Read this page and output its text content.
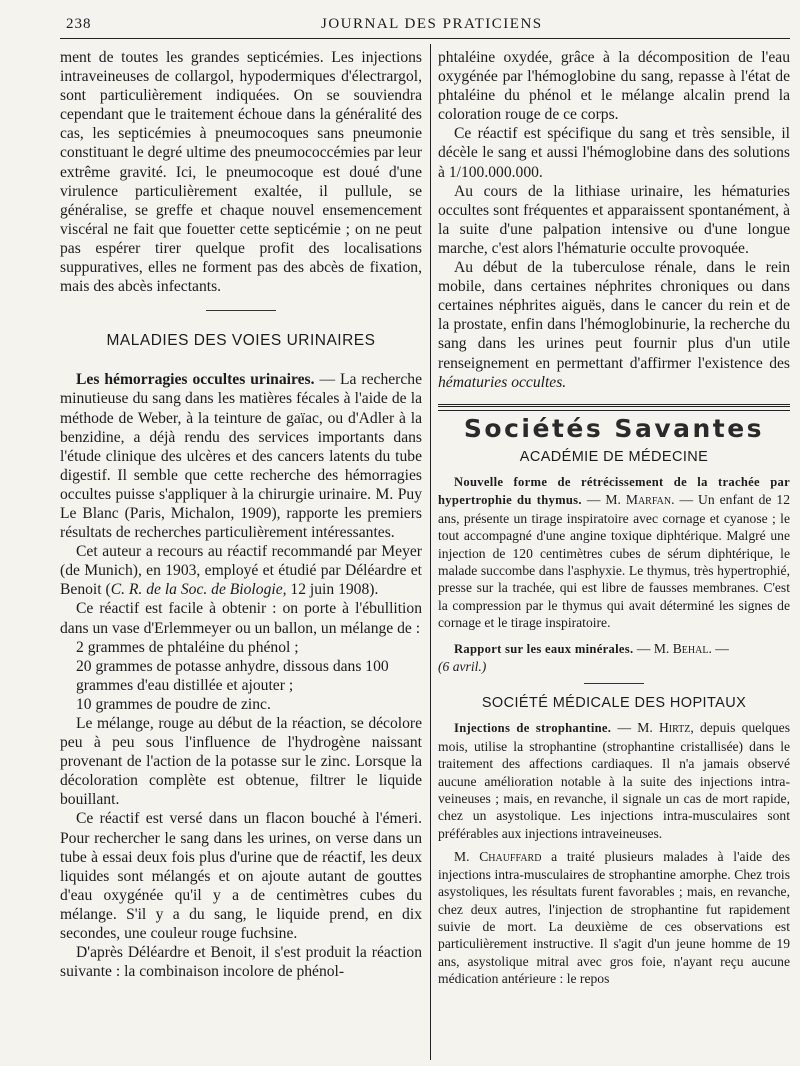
238	JOURNAL DES PRATICIENS

ment de toutes les grandes septicémies. Les injections intraveineuses de collargol, hypodermiques d'électrargol, sont particulièrement indiquées. On se souviendra cependant que le traitement échoue dans la généralité des cas, les septicémies à pneumocoques sans pneumonie constituant le degré ultime des pneumococcémies par leur extrême gravité. Ici, le pneumocoque est doué d'une virulence particulièrement exaltée, il pullule, se généralise, se greffe et chaque nouvel ensemencement viscéral ne fait que fouetter cette septicémie ; on ne peut pas espérer tirer quelque profit des localisations suppuratives, elles ne forment pas des abcès de fixation, mais des abcès infectants.

MALADIES DES VOIES URINAIRES

Les hémorragies occultes urinaires. — La recherche minutieuse du sang dans les matières fécales à l'aide de la méthode de Weber, à la teinture de gaïac, ou d'Adler à la benzidine, a déjà rendu des services importants dans l'étude clinique des ulcères et des cancers latents du tube digestif. Il semble que cette recherche des hémorragies occultes puisse s'appliquer à la chirurgie urinaire. M. Puy Le Blanc (Paris, Michalon, 1909), rapporte les premiers résultats de recherches particulièrement intéressantes.

Cet auteur a recours au réactif recommandé par Meyer (de Munich), en 1903, employé et étudié par Déléardre et Benoit (C. R. de la Soc. de Biologie, 12 juin 1908).

Ce réactif est facile à obtenir : on porte à l'ébullition dans un vase d'Erlemmeyer ou un ballon, un mélange de :

2 grammes de phtaléine du phénol ;
20 grammes de potasse anhydre, dissous dans 100 grammes d'eau distillée et ajouter ;
10 grammes de poudre de zinc.

Le mélange, rouge au début de la réaction, se décolore peu à peu sous l'influence de l'hydrogène naissant provenant de l'action de la potasse sur le zinc. Lorsque la décoloration complète est obtenue, filtrer le liquide bouillant.

Ce réactif est versé dans un flacon bouché à l'émeri. Pour rechercher le sang dans les urines, on verse dans un tube à essai deux fois plus d'urine que de réactif, les deux liquides sont mélangés et on ajoute autant de gouttes d'eau oxygénée qu'il y a de centimètres cubes du mélange. S'il y a du sang, le liquide prend, en dix secondes, une couleur rouge fuchsine.

D'après Déléardre et Benoit, il s'est produit la réaction suivante : la combinaison incolore de phénol-

phtaléine oxydée, grâce à la décomposition de l'eau oxygénée par l'hémoglobine du sang, repasse à l'état de phtaléine du phénol et le mélange alcalin prend la coloration rouge de ce corps.

Ce réactif est spécifique du sang et très sensible, il décèle le sang et aussi l'hémoglobine dans des solutions à 1/100.000.000.

Au cours de la lithiase urinaire, les hématuries occultes sont fréquentes et apparaissent spontanément, à la suite d'une palpation intensive ou d'une longue marche, c'est alors l'hématurie occulte provoquée.

Au début de la tuberculose rénale, dans le rein mobile, dans certaines néphrites chroniques ou dans certaines néphrites aiguës, dans le cancer du rein et de la prostate, enfin dans l'hémoglobinurie, la recherche du sang dans les urines peut fournir plus d'un utile renseignement en permettant d'affirmer l'existence des hématuries occultes.

Sociétés Savantes
ACADÉMIE DE MÉDECINE

Nouvelle forme de rétrécissement de la trachée par hypertrophie du thymus. — M. Marfan. — Un enfant de 12 ans, présente un tirage inspiratoire avec cornage et cyanose ; le tout accompagné d'une angine toxique diphtérique. Malgré une injection de 120 centimètres cubes de sérum diphtérique, le malade succombe dans l'asphyxie. Le thymus, très hypertrophié, presse sur la trachée, qui est libre de fausses membranes. C'est la compression par le thymus qui avait déterminé les signes de cornage et le tirage inspiratoire.

Rapport sur les eaux minérales. — M. Behal. —

(6 avril.)

SOCIÉTÉ MÉDICALE DES HOPITAUX

Injections de strophantine. — M. Hirtz, depuis quelques mois, utilise la strophantine (strophantine cristallisée) dans le traitement des affections cardiaques. Il n'a jamais observé aucune amélioration notable à la suite des injections intra-veineuses ; mais, en revanche, il signale un cas de mort rapide, chez un asystolique. Les injections intra-musculaires sont préférables aux injections intraveineuses.

M. Chauffard a traité plusieurs malades à l'aide des injections intra-musculaires de strophantine amorphe. Chez trois asystoliques, les résultats furent favorables ; mais, en revanche, chez deux autres, l'injection de strophantine fut rapidement suivie de mort. La deuxième de ces observations est particulièrement instructive. Il s'agit d'un jeune homme de 19 ans, asystolique mitral avec gros foie, n'ayant reçu aucune médication antérieure : le repos
